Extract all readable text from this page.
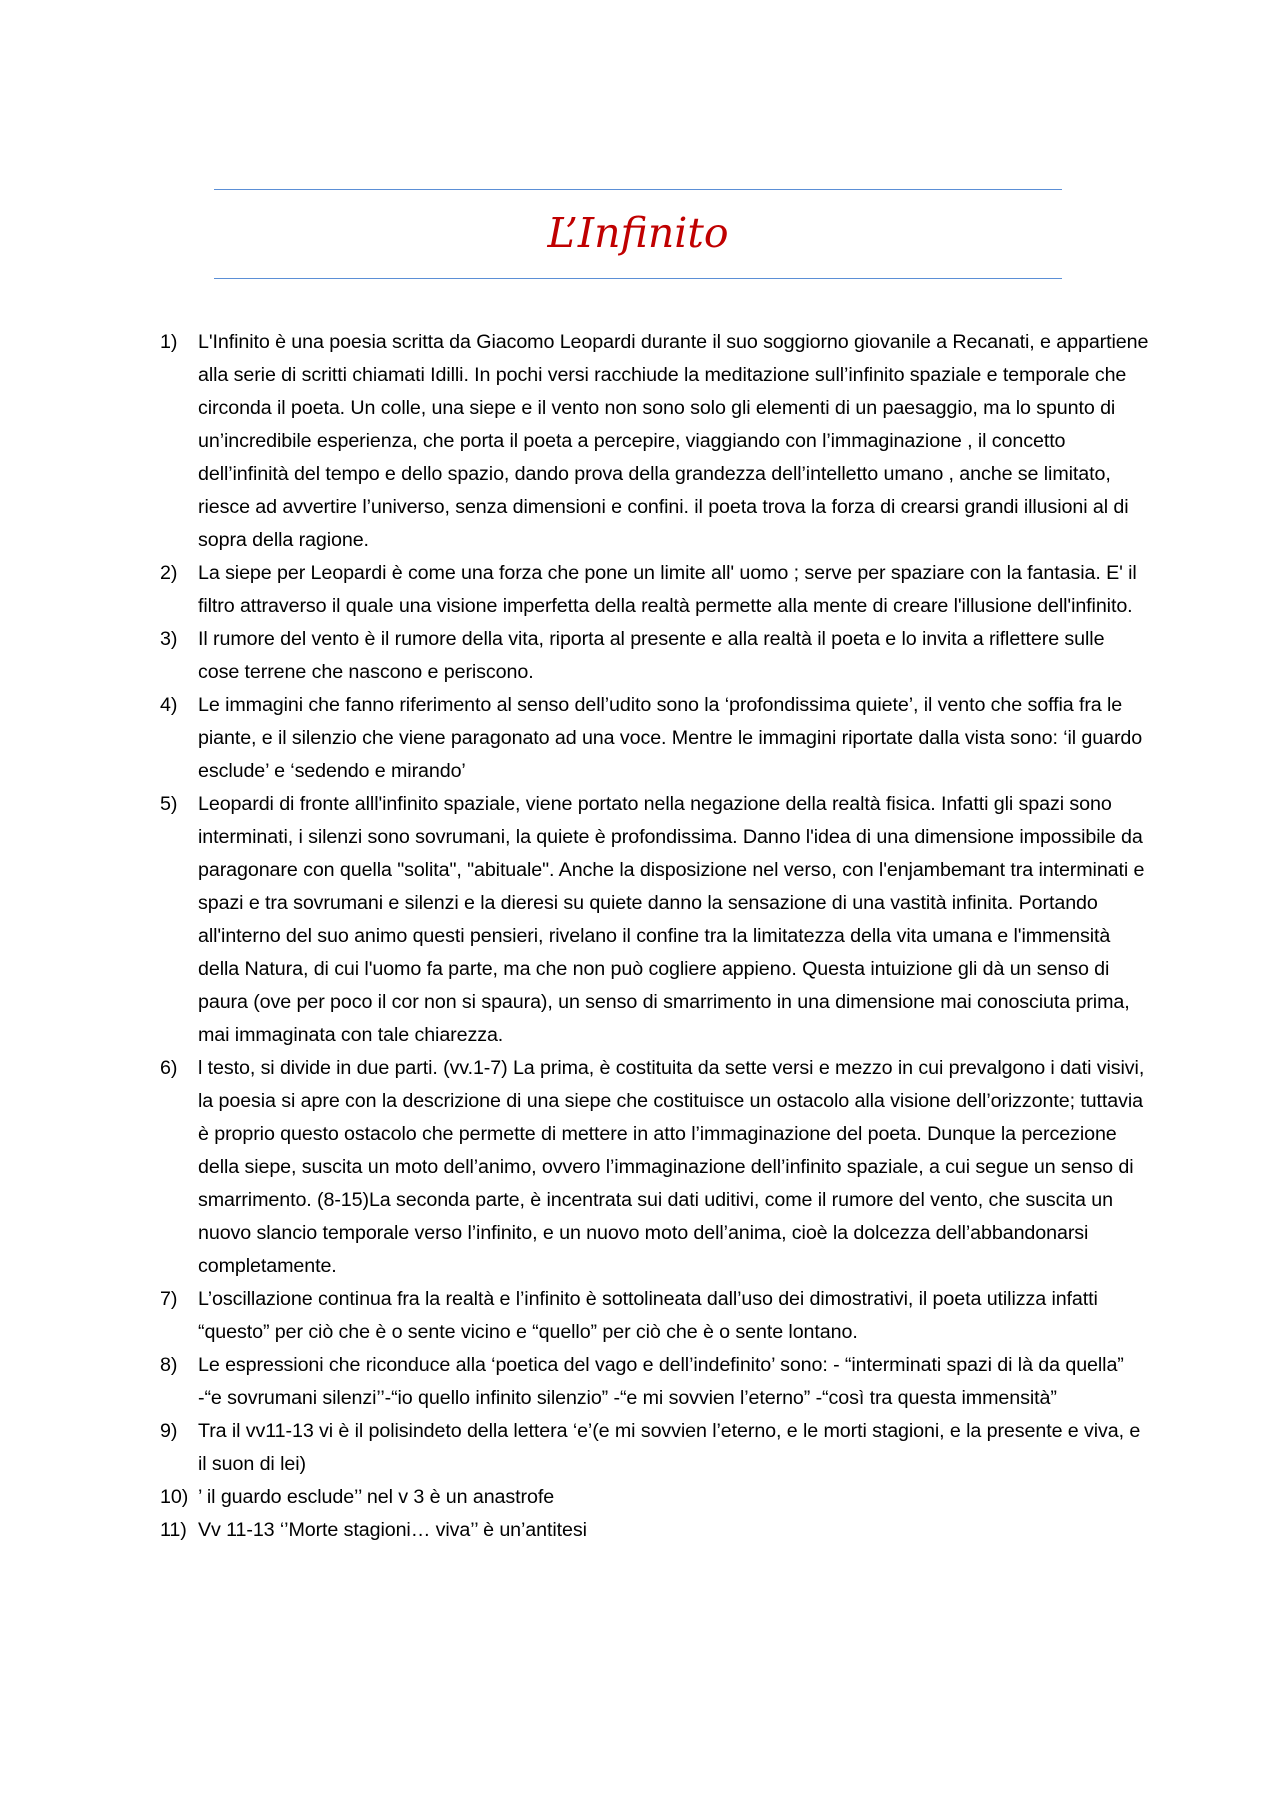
L’Infinito
1) L'Infinito è una poesia scritta da Giacomo Leopardi durante il suo soggiorno giovanile a Recanati, e appartiene alla serie di scritti chiamati Idilli. In pochi versi racchiude la meditazione sull’infinito spaziale e temporale che circonda il poeta. Un colle, una siepe e il vento non sono solo gli elementi di un paesaggio, ma lo spunto di un’incredibile esperienza, che porta il poeta a percepire, viaggiando con l’immaginazione , il concetto dell’infinità del tempo e dello spazio, dando prova della grandezza dell’intelletto umano , anche se limitato, riesce ad avvertire l’universo, senza dimensioni e confini. il poeta trova la forza di crearsi grandi illusioni al di sopra della ragione.
2) La siepe per Leopardi è come una forza che pone un limite all' uomo ; serve per spaziare con la fantasia. E' il filtro attraverso il quale una visione imperfetta della realtà permette alla mente di creare l'illusione dell'infinito.
3) Il rumore del vento è il rumore della vita, riporta al presente e alla realtà il poeta e lo invita a riflettere sulle cose terrene che nascono e periscono.
4) Le immagini che fanno riferimento al senso dell’udito sono la ‘profondissima quiete’, il vento che soffia fra le piante, e il silenzio che viene paragonato ad una voce. Mentre le immagini riportate dalla vista sono: ‘il guardo esclude’ e ‘sedendo e mirando’
5) Leopardi di fronte alll'infinito spaziale, viene portato nella negazione della realtà fisica. Infatti gli spazi sono interminati, i silenzi sono sovrumani, la quiete è profondissima. Danno l'idea di una dimensione impossibile da paragonare con quella "solita", "abituale". Anche la disposizione nel verso, con l'enjambemant tra interminati e spazi e tra sovrumani e silenzi e la dieresi su quiete danno la sensazione di una vastità infinita. Portando all'interno del suo animo questi pensieri, rivelano il confine tra la limitatezza della vita umana e l'immensità della Natura, di cui l'uomo fa parte, ma che non può cogliere appieno. Questa intuizione gli dà un senso di paura (ove per poco il cor non si spaura), un senso di smarrimento in una dimensione mai conosciuta prima, mai immaginata con tale chiarezza.
6) l testo, si divide in due parti. (vv.1-7) La prima, è costituita da sette versi e mezzo in cui prevalgono i dati visivi, la poesia si apre con la descrizione di una siepe che costituisce un ostacolo alla visione dell’orizzonte; tuttavia è proprio questo ostacolo che permette di mettere in atto l’immaginazione del poeta. Dunque la percezione della siepe, suscita un moto dell’animo, ovvero l’immaginazione dell’infinito spaziale, a cui segue un senso di smarrimento. (8-15)La seconda parte, è incentrata sui dati uditivi, come il rumore del vento, che suscita un nuovo slancio temporale verso l’infinito, e un nuovo moto dell’anima, cioè la dolcezza dell’abbandonarsi completamente.
7) L’oscillazione continua fra la realtà e l’infinito è sottolineata dall’uso dei dimostrativi, il poeta utilizza infatti “questo” per ciò che è o sente vicino e “quello” per ciò che è o sente lontano.
8) Le espressioni che riconduce alla ‘poetica del vago e dell’indefinito’ sono: - “interminati spazi di là da quella” -“e sovrumani silenzi’’-“io quello infinito silenzio” -“e mi sovvien l’eterno” -“così tra questa immensità”
9) Tra il vv11-13 vi è il polisindeto della lettera ‘e’(e mi sovvien l’eterno, e le morti stagioni, e la presente e viva, e il suon di lei)
10) ’ il guardo esclude’’ nel v 3 è un anastrofe
11) Vv 11-13 ‘’Morte stagioni… viva’’ è un’antitesi
